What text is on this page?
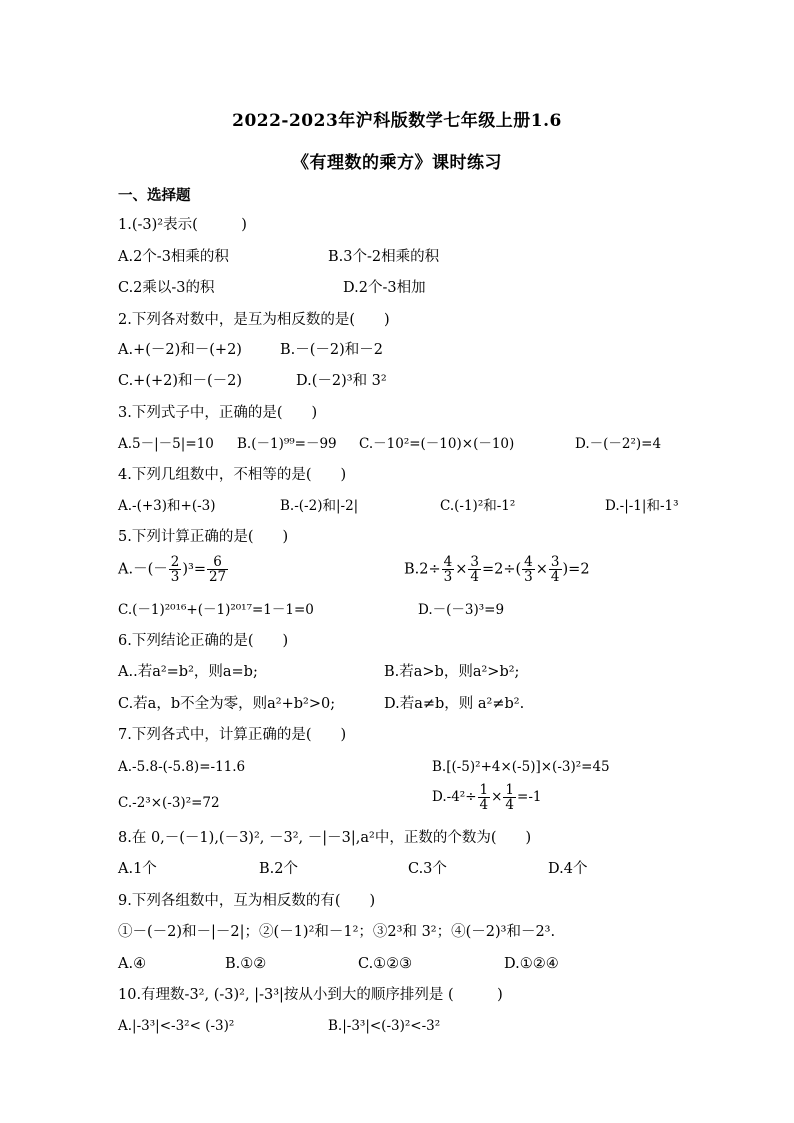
2022-2023年沪科版数学七年级上册1.6
《有理数的乘方》课时练习
一、选择题
1.(-3)²表示(　　　)
A.2个-3相乘的积	B.3个-2相乘的积
C.2乘以-3的积	D.2个-3相加
2.下列各对数中，是互为相反数的是(　　)
A.+(－2)和－(+2)	B.－(－2)和－2
C.+(+2)和－(－2)	D.(－2)³和 3²
3.下列式子中，正确的是(　　)
A.5－|－5|=10 B.(－1)⁹⁹=－99 C.－10²=(－10)×(－10)	D.－(－2²)=4
4.下列几组数中，不相等的是(　　)
A.-(+3)和+(-3)	B.-(-2)和|-2|	C.(-1)²和-1²	D.-|-1|和-1³
5.下列计算正确的是(　　)
$A.-(- \frac{2}{3} )^3= \frac{6}{27}$	$B.2\div \frac{4}{3} \times \frac{3}{4} =2\div( \frac{4}{3} \times \frac{3}{4} )=2$
C.(－1)²⁰¹⁶+(－1)²⁰¹⁷=1－1=0	D.－(－3)³=9
6.下列结论正确的是(　　)
A..若a²=b²，则a=b;	B.若a>b，则a²>b²;
C.若a，b不全为零，则a²+b²>0;	D.若a≠b，则 a²≠b².
7.下列各式中，计算正确的是(　　)
A.-5.8-(-5.8)=-11.6	B.[(-5)²+4×(-5)]×(-3)²=45
C.-2³×(-3)²=72	$D.-4^2\div \frac{1}{4} \times \frac{1}{4} =-1$
8.在 0,－(－1),(－3)², －3², －|－3|,a²中，正数的个数为(　　)
A.1个	B.2个	C.3个	D.4个
9.下列各组数中，互为相反数的有(　　)
①－(－2)和－|－2|；②(－1)²和－1²；③2³和 3²；④(－2)³和－2³.
A.④	B.①②	C.①②③	D.①②④
10.有理数-3², (-3)², |-3³|按从小到大的顺序排列是 (　　　)
A.|-3³|<-3²< (-3)²	B.|-3³|<(-3)²<-3²
